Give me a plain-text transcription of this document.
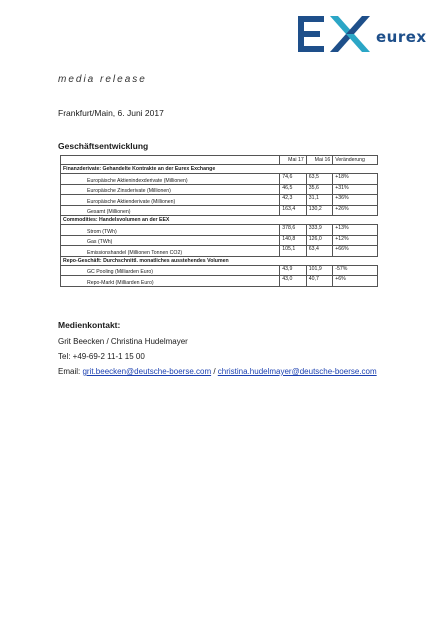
eurex
media release
Frankfurt/Main, 6. Juni 2017
Geschäftsentwicklung
	Mai 17	Mai 16	Veränderung
Finanzderivate: Gehandelte Kontrakte an der Eurex Exchange			
Europäische Aktienindexderivate (Millionen)	74,6	63,5	+18%
Europäische Zinsderivate (Millionen)	46,5	35,6	+31%
Europäische Aktienderivate (Millionen)	42,3	31,1	+36%
Gesamt (Millionen)	163,4	130,2	+26%
Commodities: Handelsvolumen an der EEX			
Strom (TWh)	378,6	333,9	+13%
Gas (TWh)	140,8	126,0	+12%
Emissionshandel (Millionen Tonnen CO2)	105,1	63,4	+66%
Repo-Geschäft: Durchschnittl. monatliches ausstehendes Volumen			
GC Pooling (Milliarden Euro)	43,9	101,9	-57%
Repo-Markt (Milliarden Euro)	43,0	40,7	+6%
Medienkontakt:
Grit Beecken / Christina Hudelmayer
Tel: +49-69-2 11-1 15 00
Email: grit.beecken@deutsche-boerse.com / christina.hudelmayer@deutsche-boerse.com
